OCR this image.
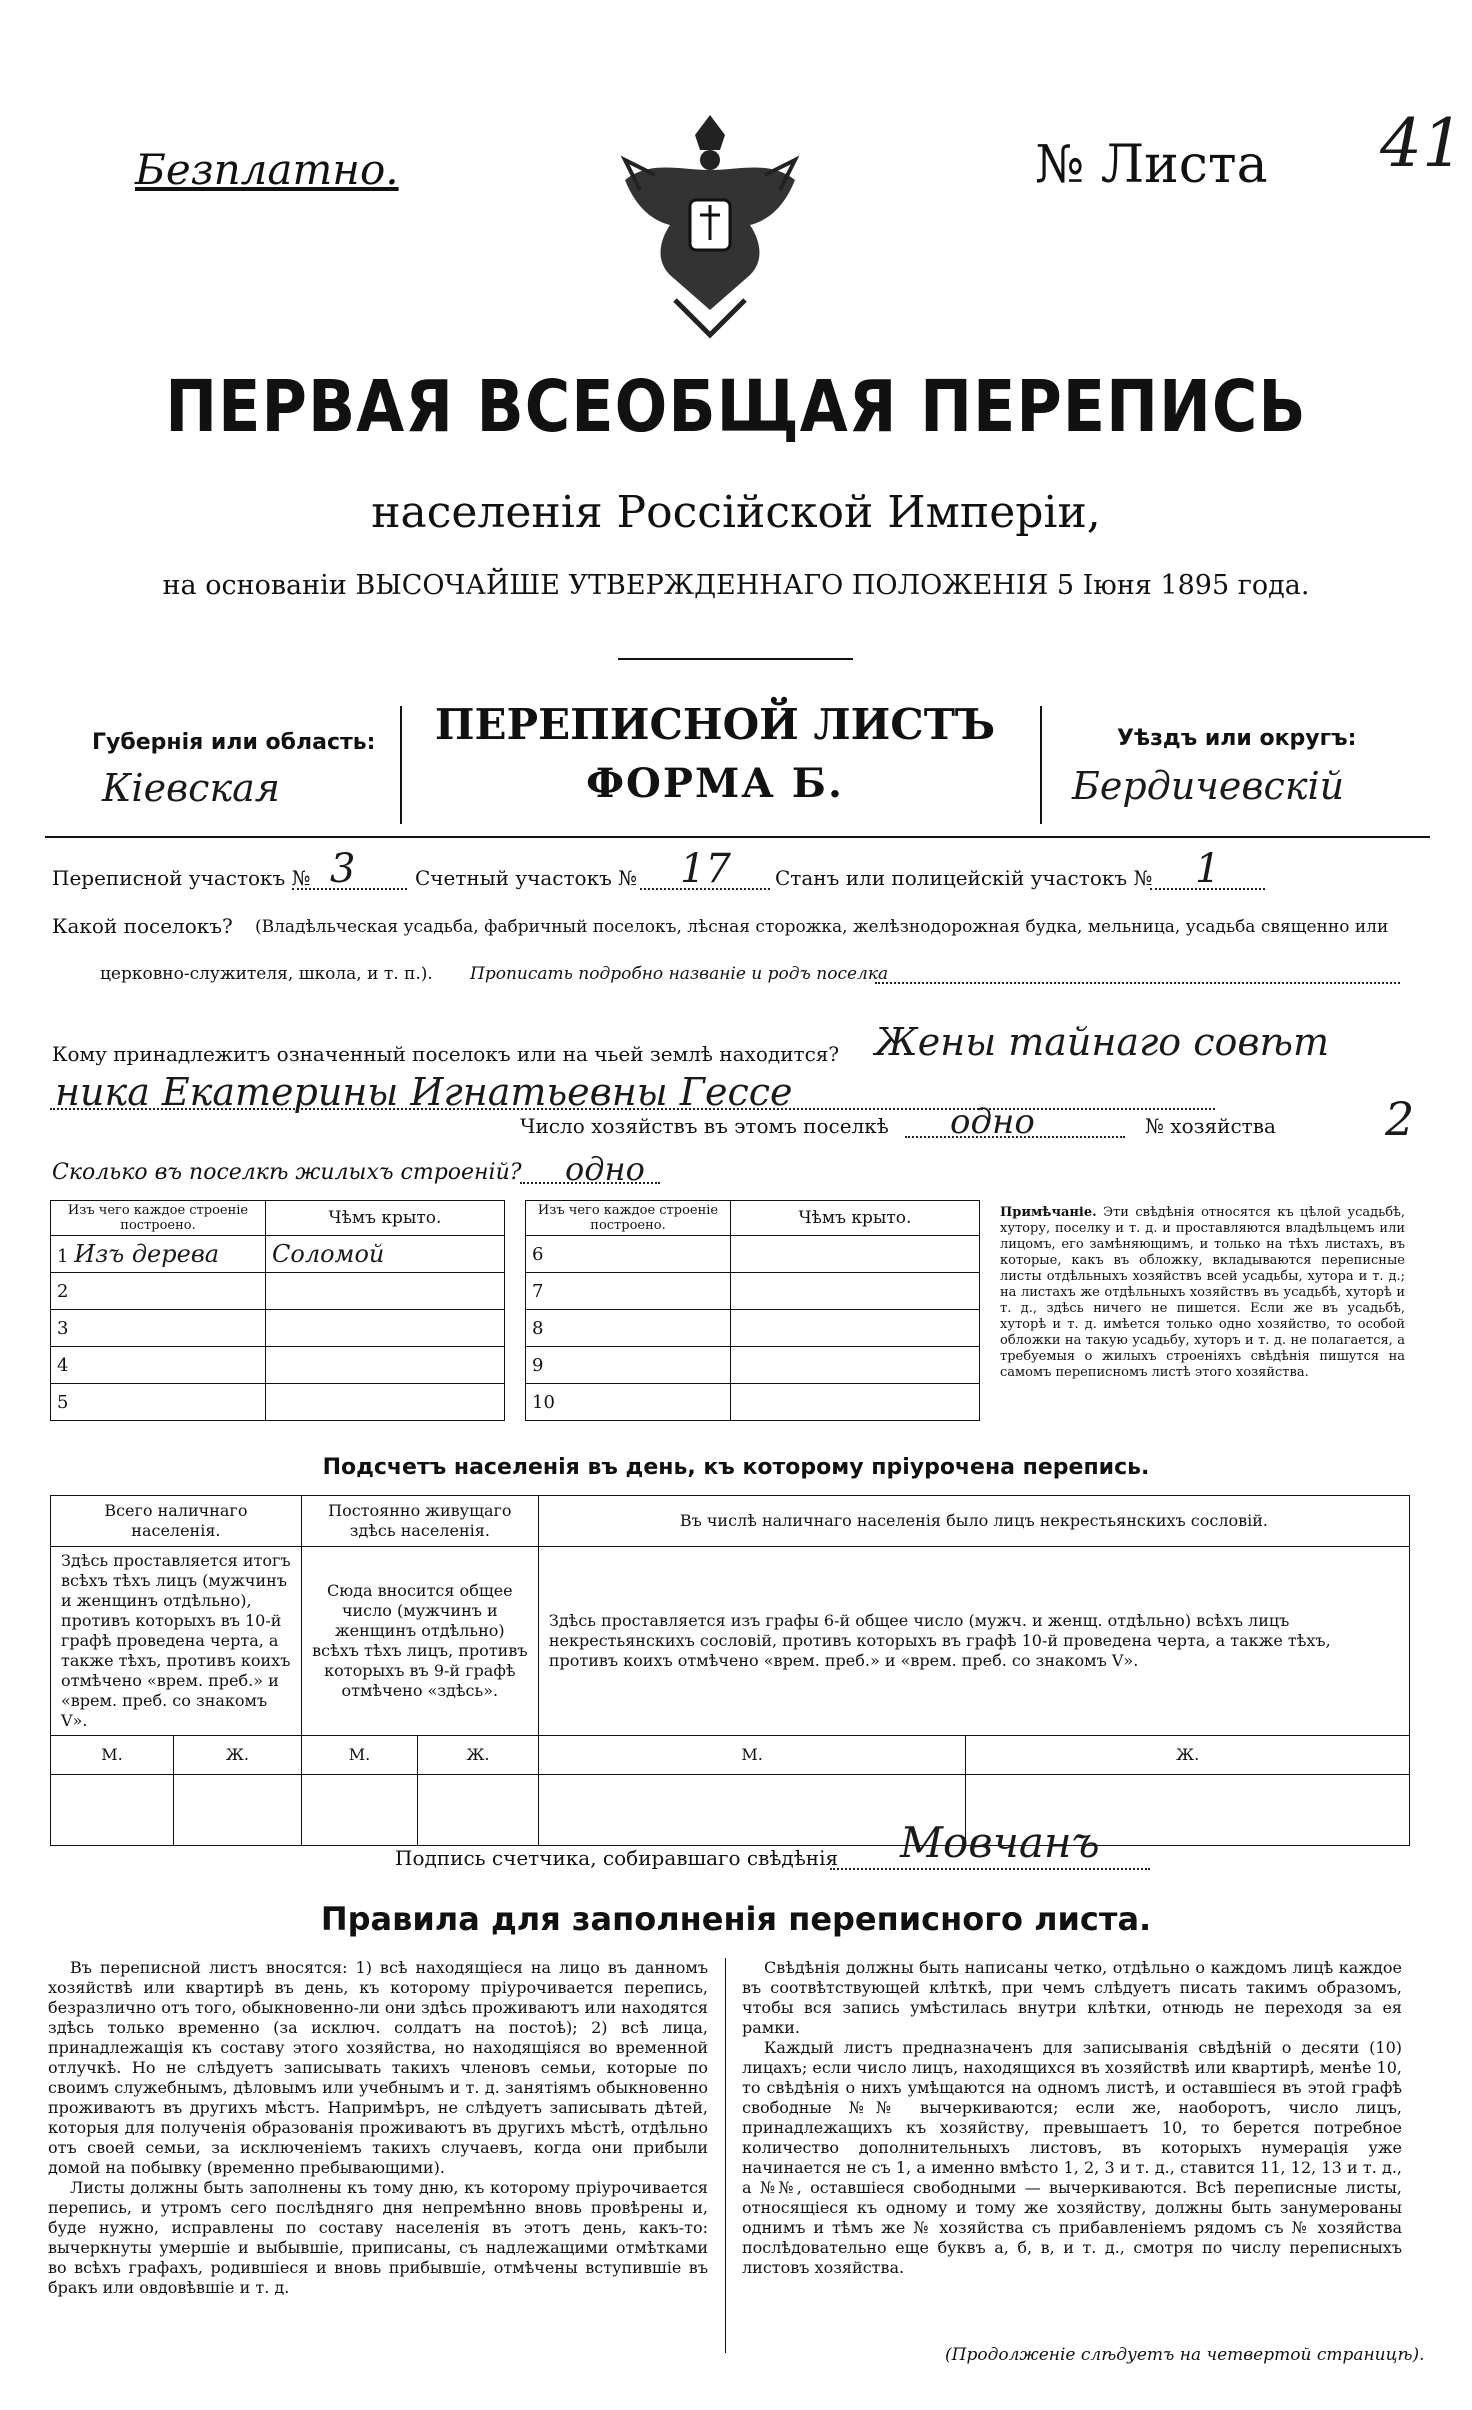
Безплатно.	№ Листа 41
ПЕРВАЯ ВСЕОБЩАЯ ПЕРЕПИСЬ
населенія Россійской Имперіи,
на основаніи ВЫСОЧАЙШЕ УТВЕРЖДЕННАГО ПОЛОЖЕНІЯ 5 Іюня 1895 года.
Губернія или область:
Кіевская
ПЕРЕПИСНОЙ ЛИСТЪ
ФОРМА Б.
Уѣздъ или округъ:
Бердичевскій
Переписной участокъ № 3	Счетный участокъ № 17 Станъ или полицейскій участокъ № 1
Какой поселокъ? (Владѣльческая усадьба, фабричный поселокъ, лѣсная сторожка, желѣзнодорожная будка, мельница, усадьба священно или
церковно-служителя, школа, и т. п.). Прописать подробно названіе и родъ поселка
Кому принадлежитъ означенный поселокъ или на чьей землѣ находится? Жены тайнаго совѣт
ника Екатерины Игнатьевны Гессе
Число хозяйствъ въ этомъ поселкѣ одно	№ хозяйства 2
Сколько въ поселкѣ жилыхъ строеній? одно
Изъ чего каждое строеніе построено.	Чѣмъ крыто.
1 Изъ дерева	Соломой
2	
3	
4	
5	
Изъ чего каждое строеніе построено.	Чѣмъ крыто.
6	
7	
8	
9	
10	
Примѣчаніе. Эти свѣдѣнія относятся къ цѣлой усадьбѣ, хутору, поселку и т. д. и проставляются владѣльцемъ или лицомъ, его замѣняющимъ, и только на тѣхъ листахъ, въ которые, какъ въ обложку, вкладываются переписные листы отдѣльныхъ хозяйствъ всей усадьбы, хутора и т. д.; на листахъ же отдѣльныхъ хозяйствъ въ усадьбѣ, хуторѣ и т. д., здѣсь ничего не пишется. Если же въ усадьбѣ, хуторѣ и т. д. имѣется только одно хозяйство, то особой обложки на такую усадьбу, хуторъ и т. д. не полагается, а требуемыя о жилыхъ строеніяхъ свѣдѣнія пишутся на самомъ переписномъ листѣ этого хозяйства.
Подсчетъ населенія въ день, къ которому пріурочена перепись.
Всего наличнаго населенія.		Постоянно живущаго здѣсь населенія.		Въ числѣ наличнаго населенія было лицъ некрестьянскихъ сословій.	
Здѣсь проставляется итогъ всѣхъ тѣхъ лицъ (мужчинъ и женщинъ отдѣльно), противъ которыхъ въ 10-й графѣ проведена черта, а также тѣхъ, противъ коихъ отмѣчено «врем. преб.» и «врем. преб. со знакомъ V».		Сюда вносится общее число (мужчинъ и женщинъ отдѣльно) всѣхъ тѣхъ лицъ, противъ которыхъ въ 9-й графѣ отмѣчено «здѣсь».		Здѣсь проставляется изъ графы 6-й общее число (мужч. и женщ. отдѣльно) всѣхъ лицъ некрестьянскихъ сословій, противъ которыхъ въ графѣ 10-й проведена черта, а также тѣхъ, противъ коихъ отмѣчено «врем. преб.» и «врем. преб. со знакомъ V».	
М.	Ж.	М.	Ж.	М.	Ж.

Подпись счетчика, собиравшаго свѣдѣнія Мовчанъ
Правила для заполненія переписного листа.

Въ переписной листъ вносятся: 1) всѣ находящіеся на лицо въ данномъ хозяйствѣ или квартирѣ въ день, къ которому пріурочивается перепись, безразлично отъ того, обыкновенно-ли они здѣсь проживаютъ или находятся здѣсь только временно (за исключ. солдатъ на постоѣ); 2) всѣ лица, принадлежащія къ составу этого хозяйства, но находящіяся во временной отлучкѣ. Но не слѣдуетъ записывать такихъ членовъ семьи, которые по своимъ служебнымъ, дѣловымъ или учебнымъ и т. д. занятіямъ обыкновенно проживаютъ въ другихъ мѣстъ. Напримѣръ, не слѣдуетъ записывать дѣтей, которыя для полученія образованія проживаютъ въ другихъ мѣстѣ, отдѣльно отъ своей семьи, за исключеніемъ такихъ случаевъ, когда они прибыли домой на побывку (временно пребывающими).

Листы должны быть заполнены къ тому дню, къ которому пріурочивается перепись, и утромъ сего послѣдняго дня непремѣнно вновь провѣрены и, буде нужно, исправлены по составу населенія въ этотъ день, какъ-то: вычеркнуты умершіе и выбывшіе, приписаны, съ надлежащими отмѣтками во всѣхъ графахъ, родившіеся и вновь прибывшіе, отмѣчены вступившіе въ бракъ или овдовѣвшіе и т. д.

Свѣдѣнія должны быть написаны четко, отдѣльно о каждомъ лицѣ каждое въ соотвѣтствующей клѣткѣ, при чемъ слѣдуетъ писать такимъ образомъ, чтобы вся запись умѣстилась внутри клѣтки, отнюдь не переходя за ея рамки.

Каждый листъ предназначенъ для записыванія свѣдѣній о десяти (10) лицахъ; если число лицъ, находящихся въ хозяйствѣ или квартирѣ, менѣе 10, то свѣдѣнія о нихъ умѣщаются на одномъ листѣ, и оставшіеся въ этой графѣ свободные №№ вычеркиваются; если же, наоборотъ, число лицъ, принадлежащихъ къ хозяйству, превышаетъ 10, то берется потребное количество дополнительныхъ листовъ, въ которыхъ нумерація уже начинается не съ 1, а именно вмѣсто 1, 2, 3 и т. д., ставится 11, 12, 13 и т. д., а №№, оставшіеся свободными — вычеркиваются. Всѣ переписные листы, относящіеся къ одному и тому же хозяйству, должны быть занумерованы однимъ и тѣмъ же № хозяйства съ прибавленіемъ рядомъ съ № хозяйства послѣдовательно еще буквъ а, б, в, и т. д., смотря по числу переписныхъ листовъ хозяйства.

(Продолженіе слѣдуетъ на четвертой страницѣ).
